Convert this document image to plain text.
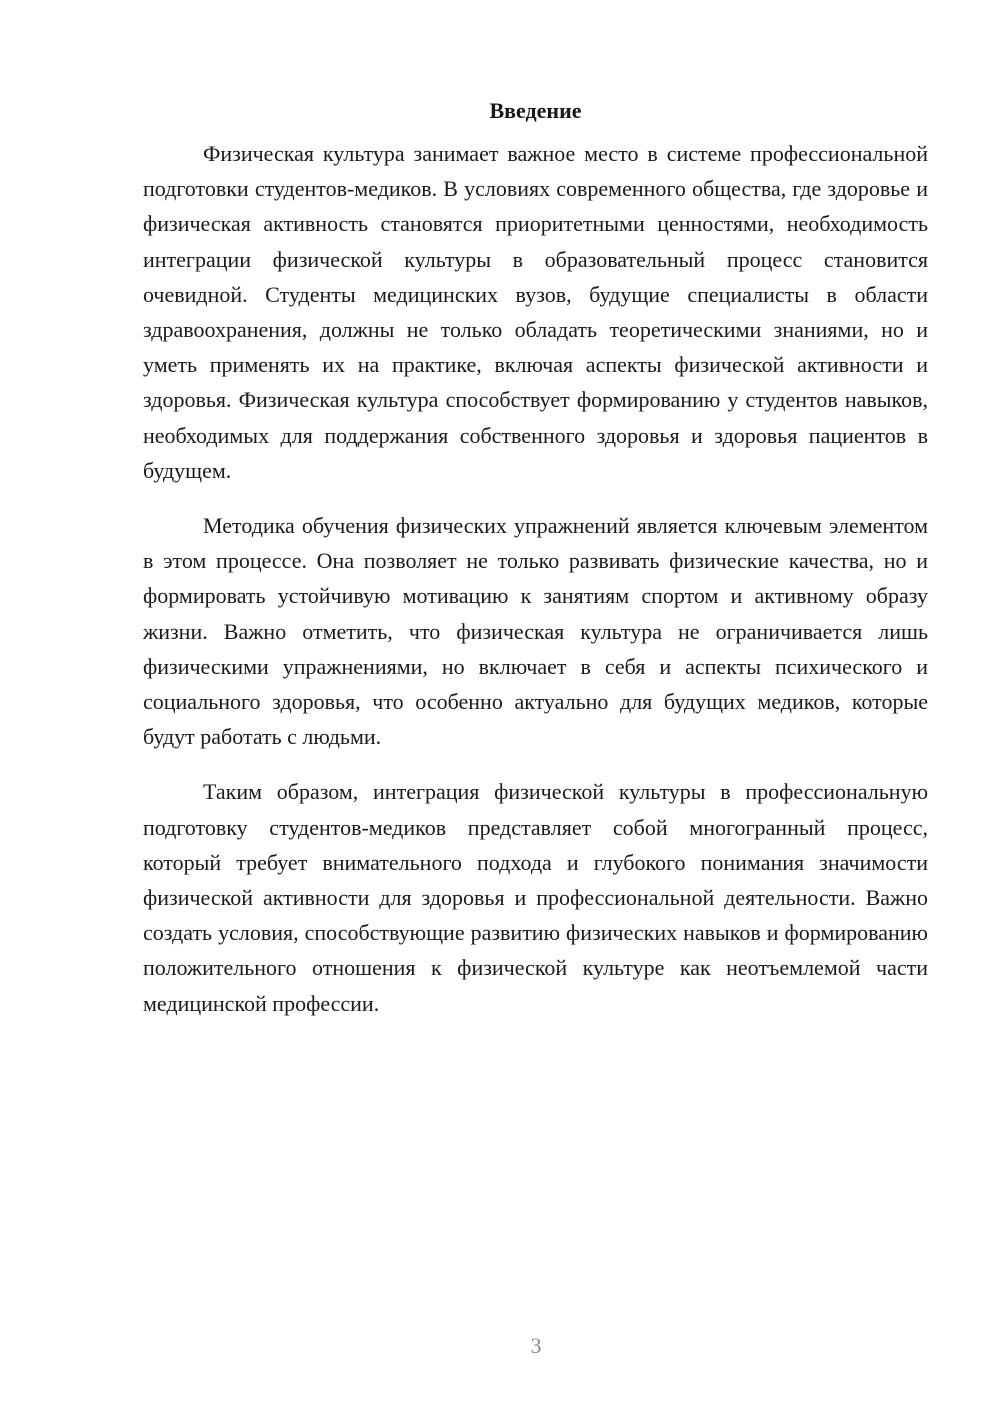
Введение

Физическая культура занимает важное место в системе профессиональной подготовки студентов-медиков. В условиях современного общества, где здоровье и физическая активность становятся приоритетными ценностями, необходимость интеграции физической культуры в образовательный процесс становится очевидной. Студенты медицинских вузов, будущие специалисты в области здравоохранения, должны не только обладать теоретическими знаниями, но и уметь применять их на практике, включая аспекты физической активности и здоровья. Физическая культура способствует формированию у студентов навыков, необходимых для поддержания собственного здоровья и здоровья пациентов в будущем.

Методика обучения физических упражнений является ключевым элементом в этом процессе. Она позволяет не только развивать физические качества, но и формировать устойчивую мотивацию к занятиям спортом и активному образу жизни. Важно отметить, что физическая культура не ограничивается лишь физическими упражнениями, но включает в себя и аспекты психического и социального здоровья, что особенно актуально для будущих медиков, которые будут работать с людьми.

Таким образом, интеграция физической культуры в профессиональную подготовку студентов-медиков представляет собой многогранный процесс, который требует внимательного подхода и глубокого понимания значимости физической активности для здоровья и профессиональной деятельности. Важно создать условия, способствующие развитию физических навыков и формированию положительного отношения к физической культуре как неотъемлемой части медицинской профессии.

3
